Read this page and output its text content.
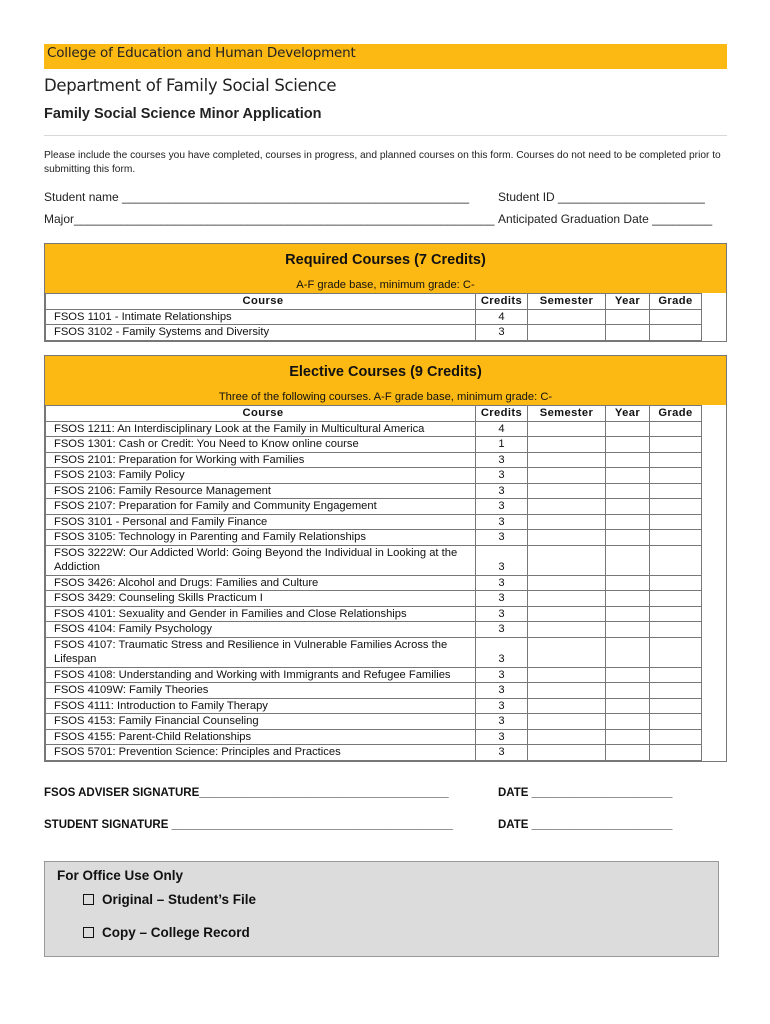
College of Education and Human Development
Department of Family Social Science
Family Social Science Minor Application
Please include the courses you have completed, courses in progress, and planned courses on this form. Courses do not need to be completed prior to submitting this form.
Student name ____________________________________________________ Student ID ______________________
Major_______________________________________________________________ Anticipated Graduation Date _________
Required Courses (7 Credits)
A-F grade base, minimum grade: C-
Course	Credits	Semester	Year	Grade
FSOS 1101 - Intimate Relationships	4			
FSOS 3102 - Family Systems and Diversity	3			
Elective Courses (9 Credits)
Three of the following courses. A-F grade base, minimum grade: C-
Course	Credits	Semester	Year	Grade
FSOS 1211: An Interdisciplinary Look at the Family in Multicultural America	4			
FSOS 1301: Cash or Credit: You Need to Know online course	1			
FSOS 2101: Preparation for Working with Families	3			
FSOS 2103: Family Policy	3			
FSOS 2106: Family Resource Management	3			
FSOS 2107: Preparation for Family and Community Engagement	3			
FSOS 3101 - Personal and Family Finance	3			
FSOS 3105: Technology in Parenting and Family Relationships	3			
FSOS 3222W: Our Addicted World: Going Beyond the Individual in Looking at the Addiction	3			
FSOS 3426: Alcohol and Drugs: Families and Culture	3			
FSOS 3429: Counseling Skills Practicum I	3			
FSOS 4101: Sexuality and Gender in Families and Close Relationships	3			
FSOS 4104: Family Psychology	3			
FSOS 4107: Traumatic Stress and Resilience in Vulnerable Families Across the Lifespan	3			
FSOS 4108: Understanding and Working with Immigrants and Refugee Families	3			
FSOS 4109W: Family Theories	3			
FSOS 4111: Introduction to Family Therapy	3			
FSOS 4153: Family Financial Counseling	3			
FSOS 4155: Parent-Child Relationships	3			
FSOS 5701: Prevention Science: Principles and Practices	3			
FSOS ADVISER SIGNATURE_______________________________________	DATE ______________________
STUDENT SIGNATURE ____________________________________________	DATE ______________________
For Office Use Only
Original – Student’s File
Copy – College Record
